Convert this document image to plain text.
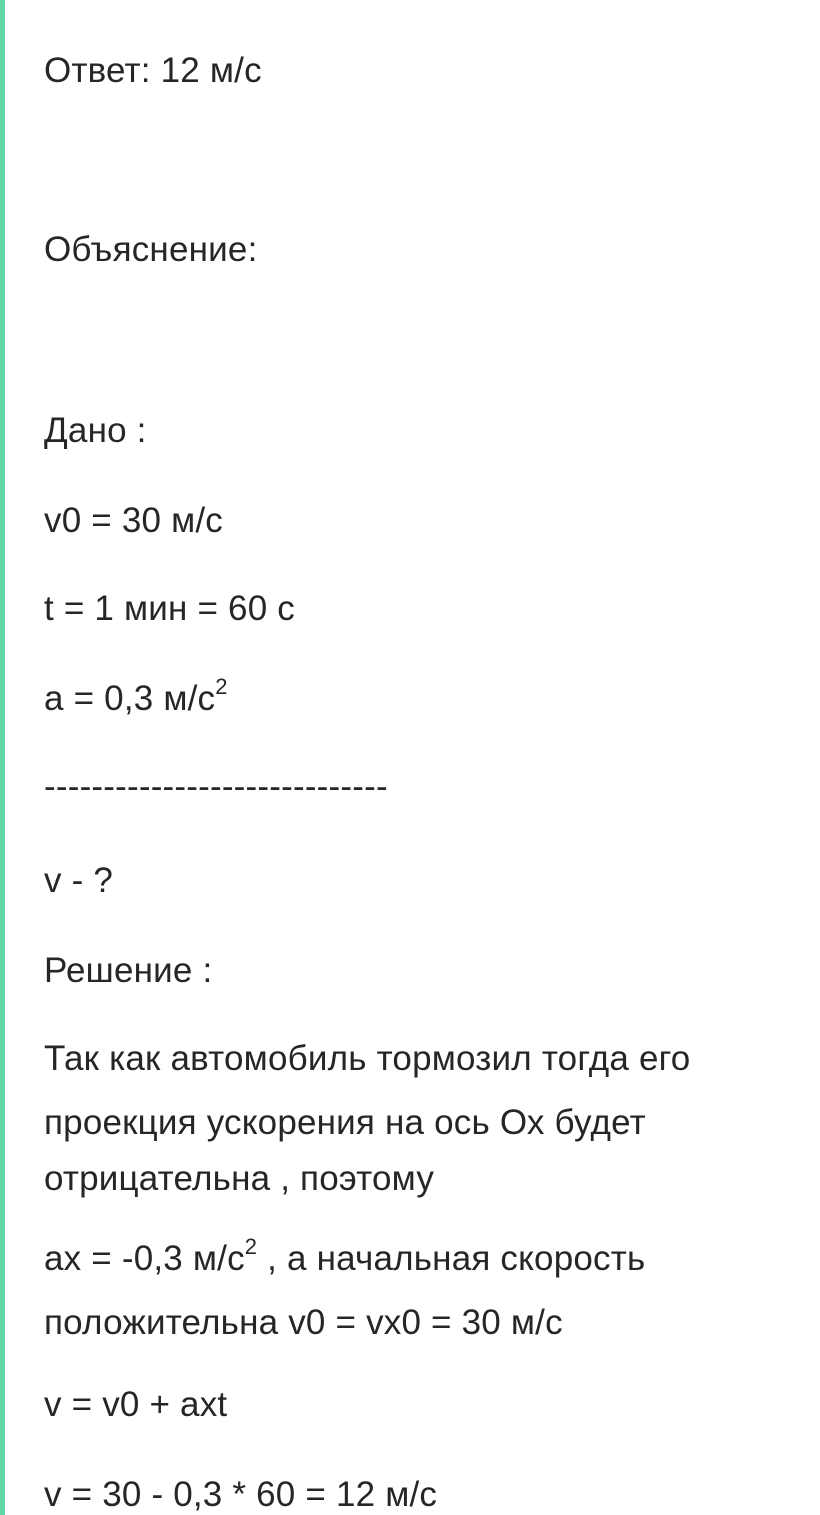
Ответ: 12 м/с
Объяснение:
Дано :
v0 = 30 м/с
t = 1 мин = 60 с
а = 0,3 $м/с^2$
-----------------------------
v - ?
Решение :
Так как автомобиль тормозил тогда его
проекция ускорения на ось Ох будет
отрицательна , поэтому
ax = -0,3 $м/с^2$ , а начальная скорость
положительна v0 = vx0 = 30 м/с
v = v0 + axt
v = 30 - 0,3 * 60 = 12 м/с
